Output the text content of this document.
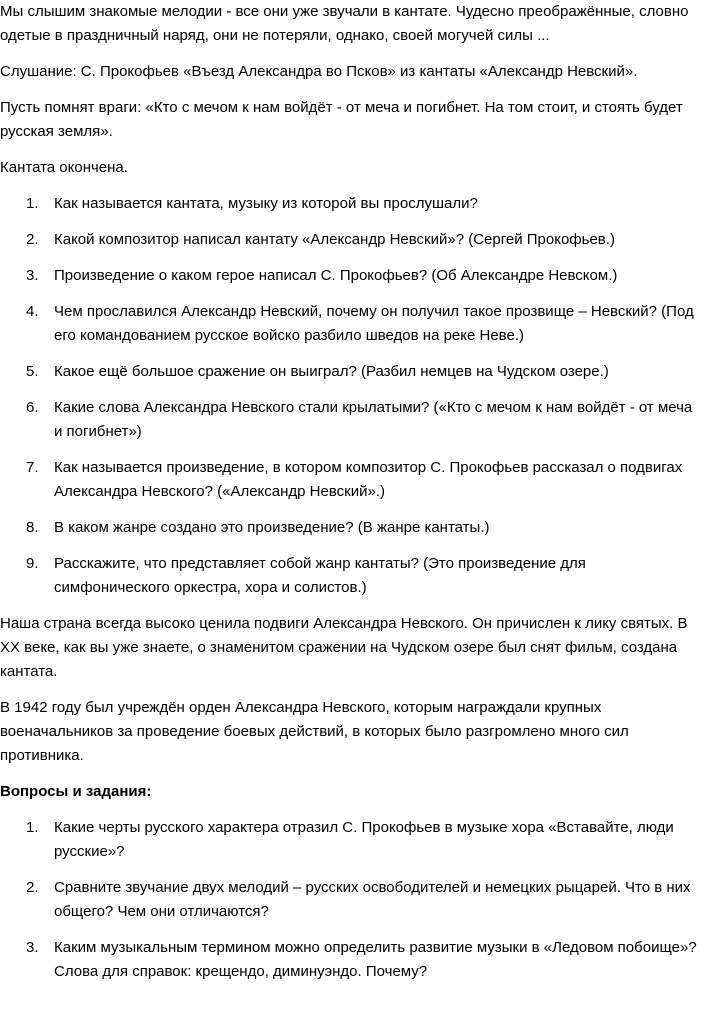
Мы слышим знакомые мелодии - все они уже звучали в кантате. Чудесно преображённые, словно одетые в праздничный наряд, они не потеряли, однако, своей могучей силы ...

Слушание: С. Прокофьев «Въезд Александра во Псков» из кантаты «Александр Невский».

Пусть помнят враги: «Кто с мечом к нам войдёт - от меча и погибнет. На том стоит, и стоять будет русская земля».

Кантата окончена.

1. Как называется кантата, музыку из которой вы прослушали?
2. Какой композитор написал кантату «Александр Невский»? (Сергей Прокофьев.)
3. Произведение о каком герое написал С. Прокофьев? (Об Александре Невском.)
4. Чем прославился Александр Невский, почему он получил такое прозвище – Невский? (Под его командованием русское войско разбило шведов на реке Неве.)
5. Какое ещё большое сражение он выиграл? (Разбил немцев на Чудском озере.)
6. Какие слова Александра Невского стали крылатыми? («Кто с мечом к нам войдёт - от меча и погибнет»)
7. Как называется произведение, в котором композитор С. Прокофьев рассказал о подвигах Александра Невского? («Александр Невский».)
8. В каком жанре создано это произведение? (В жанре кантаты.)
9. Расскажите, что представляет собой жанр кантаты? (Это произведение для симфонического оркестра, хора и солистов.)

Наша страна всегда высоко ценила подвиги Александра Невского. Он причислен к лику святых. В XX веке, как вы уже знаете, о знаменитом сражении на Чудском озере был снят фильм, создана кантата.

В 1942 году был учреждён орден Александра Невского, которым награждали крупных военачальников за проведение боевых действий, в которых было разгромлено много сил противника.

Вопросы и задания:

1. Какие черты русского характера отразил С. Прокофьев в музыке хора «Вставайте, люди русские»?
2. Сравните звучание двух мелодий – русских освободителей и немецких рыцарей. Что в них общего? Чем они отличаются?
3. Каким музыкальным термином можно определить развитие музыки в «Ледовом побоище»? Слова для справок: крещендо, диминуэндо. Почему?
